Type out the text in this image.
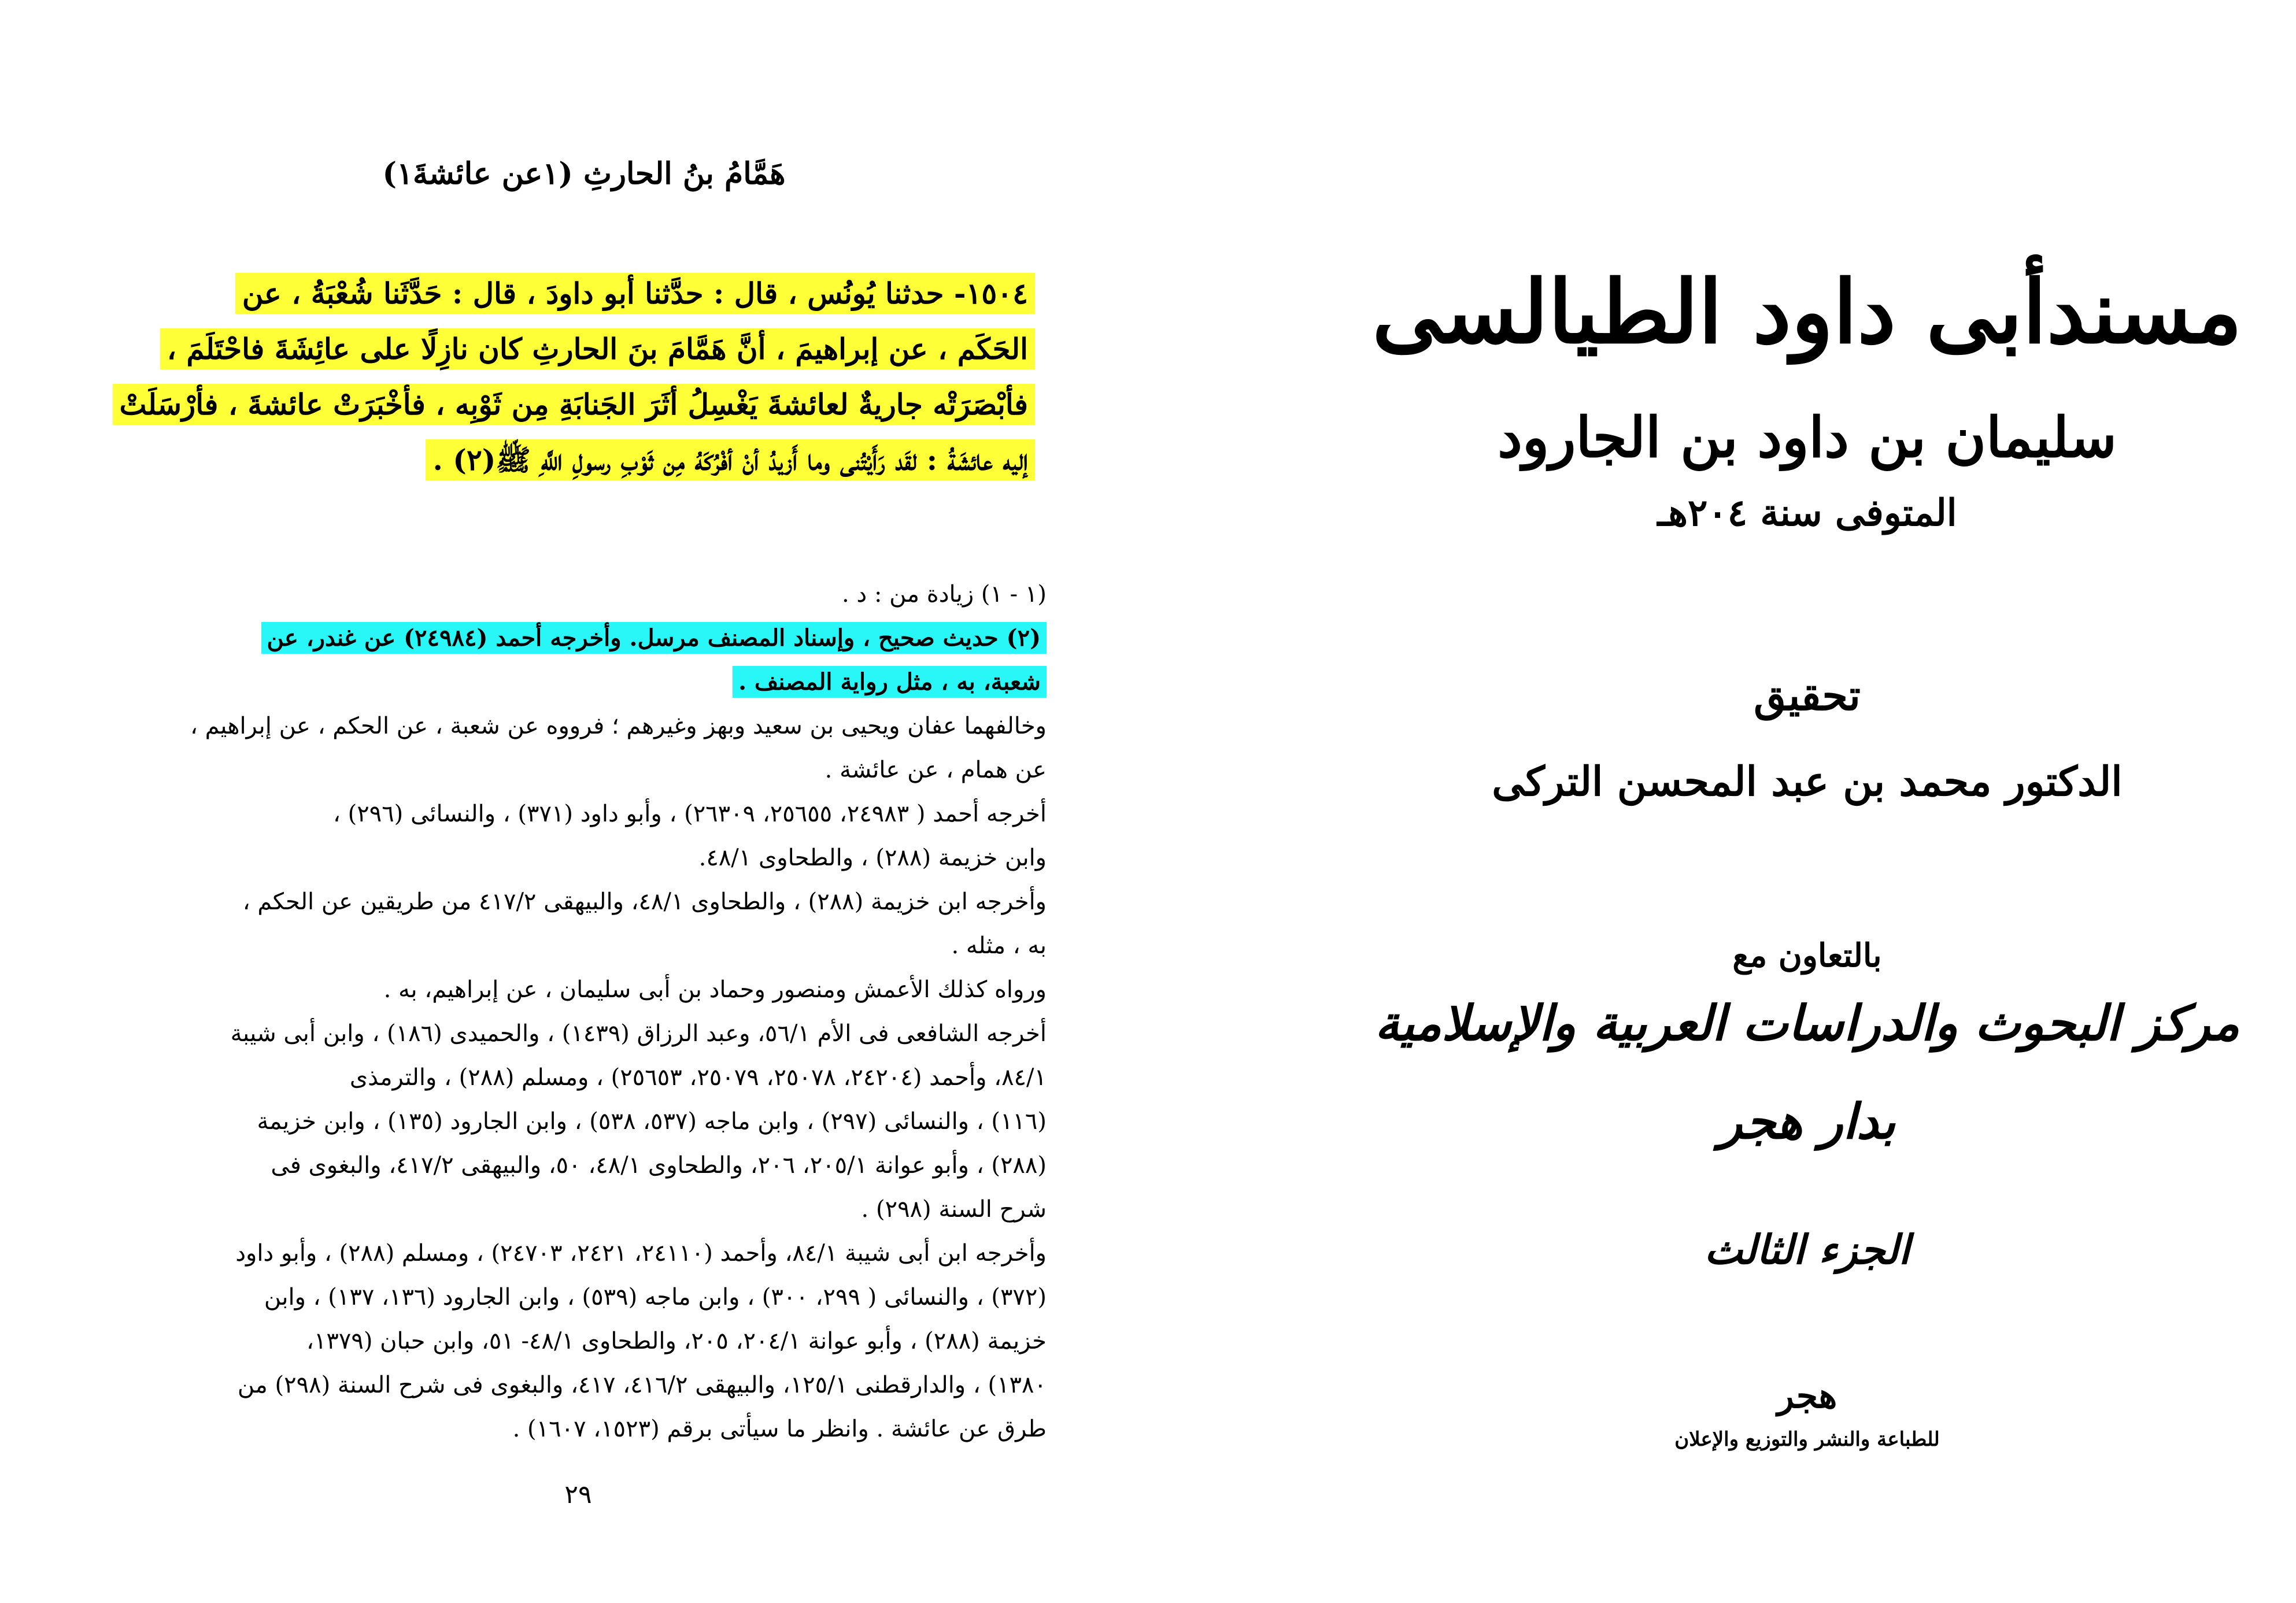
هَمَّامُ بنُ الحارثِ (١عن عائشةَ١)
١٥٠٤- حدثنا يُونُس ، قال : حدَّثنا أبو داودَ ، قال : حَدَّثَنا شُعْبَةُ ، عن
الحَكَم ، عن إبراهيمَ ، أنَّ هَمَّامَ بنَ الحارثِ كان نازِلًا على عائِشَةَ فاحْتَلَمَ ،
فأبْصَرَتْه جاريةٌ لعائشةَ يَغْسِلُ أثَرَ الجَنابَةِ مِن ثَوْبِه ، فأخْبَرَتْ عائشةَ ، فأرْسَلَتْ
إليه عائشَةُ : لقَد رَأَيْتُنى وما أَزيدُ أنْ أفْرُكَهُ مِن ثَوْبِ رسولِ اللَّهِ ﷺ(٢) .
(١ - ١) زيادة من : د .
(٢) حديث صحيح ، وإسناد المصنف مرسل. وأخرجه أحمد (٢٤٩٨٤) عن غندر، عن
شعبة، به ، مثل رواية المصنف .
وخالفهما عفان ويحيى بن سعيد وبهز وغيرهم ؛ فرووه عن شعبة ، عن الحكم ، عن إبراهيم ،
عن همام ، عن عائشة .
أخرجه أحمد ( ٢٤٩٨٣، ٢٥٦٥٥، ٢٦٣٠٩) ، وأبو داود (٣٧١) ، والنسائى (٢٩٦) ،
وابن خزيمة (٢٨٨) ، والطحاوى ٤٨/١.
وأخرجه ابن خزيمة (٢٨٨) ، والطحاوى ٤٨/١، والبيهقى ٤١٧/٢ من طريقين عن الحكم ،
به ، مثله .
ورواه كذلك الأعمش ومنصور وحماد بن أبى سليمان ، عن إبراهيم، به .
أخرجه الشافعى فى الأم ٥٦/١، وعبد الرزاق (١٤٣٩) ، والحميدى (١٨٦) ، وابن أبى شيبة
٨٤/١، وأحمد (٢٤٢٠٤، ٢٥٠٧٨، ٢٥٠٧٩، ٢٥٦٥٣) ، ومسلم (٢٨٨) ، والترمذى
(١١٦) ، والنسائى (٢٩٧) ، وابن ماجه (٥٣٧، ٥٣٨) ، وابن الجارود (١٣٥) ، وابن خزيمة
(٢٨٨) ، وأبو عوانة ٢٠٥/١، ٢٠٦، والطحاوى ٤٨/١، ٥٠، والبيهقى ٤١٧/٢، والبغوى فى
شرح السنة (٢٩٨) .
وأخرجه ابن أبى شيبة ٨٤/١، وأحمد (٢٤١١٠، ٢٤٢١، ٢٤٧٠٣) ، ومسلم (٢٨٨) ، وأبو داود
(٣٧٢) ، والنسائى ( ٢٩٩، ٣٠٠) ، وابن ماجه (٥٣٩) ، وابن الجارود (١٣٦، ١٣٧) ، وابن
خزيمة (٢٨٨) ، وأبو عوانة ٢٠٤/١، ٢٠٥، والطحاوى ٤٨/١- ٥١، وابن حبان (١٣٧٩،
١٣٨٠) ، والدارقطنى ١٢٥/١، والبيهقى ٤١٦/٢، ٤١٧، والبغوى فى شرح السنة (٢٩٨) من
طرق عن عائشة . وانظر ما سيأتى برقم (١٥٢٣، ١٦٠٧) .
٢٩
مسندأبى داود الطيالسى
سليمان بن داود بن الجارود
المتوفى سنة ٢٠٤هـ
تحقيق
الدكتور محمد بن عبد المحسن التركى
بالتعاون مع
مركز البحوث والدراسات العربية والإسلامية
بدار هجر
الجزء الثالث
هجر
للطباعة والنشر والتوزيع والإعلان
